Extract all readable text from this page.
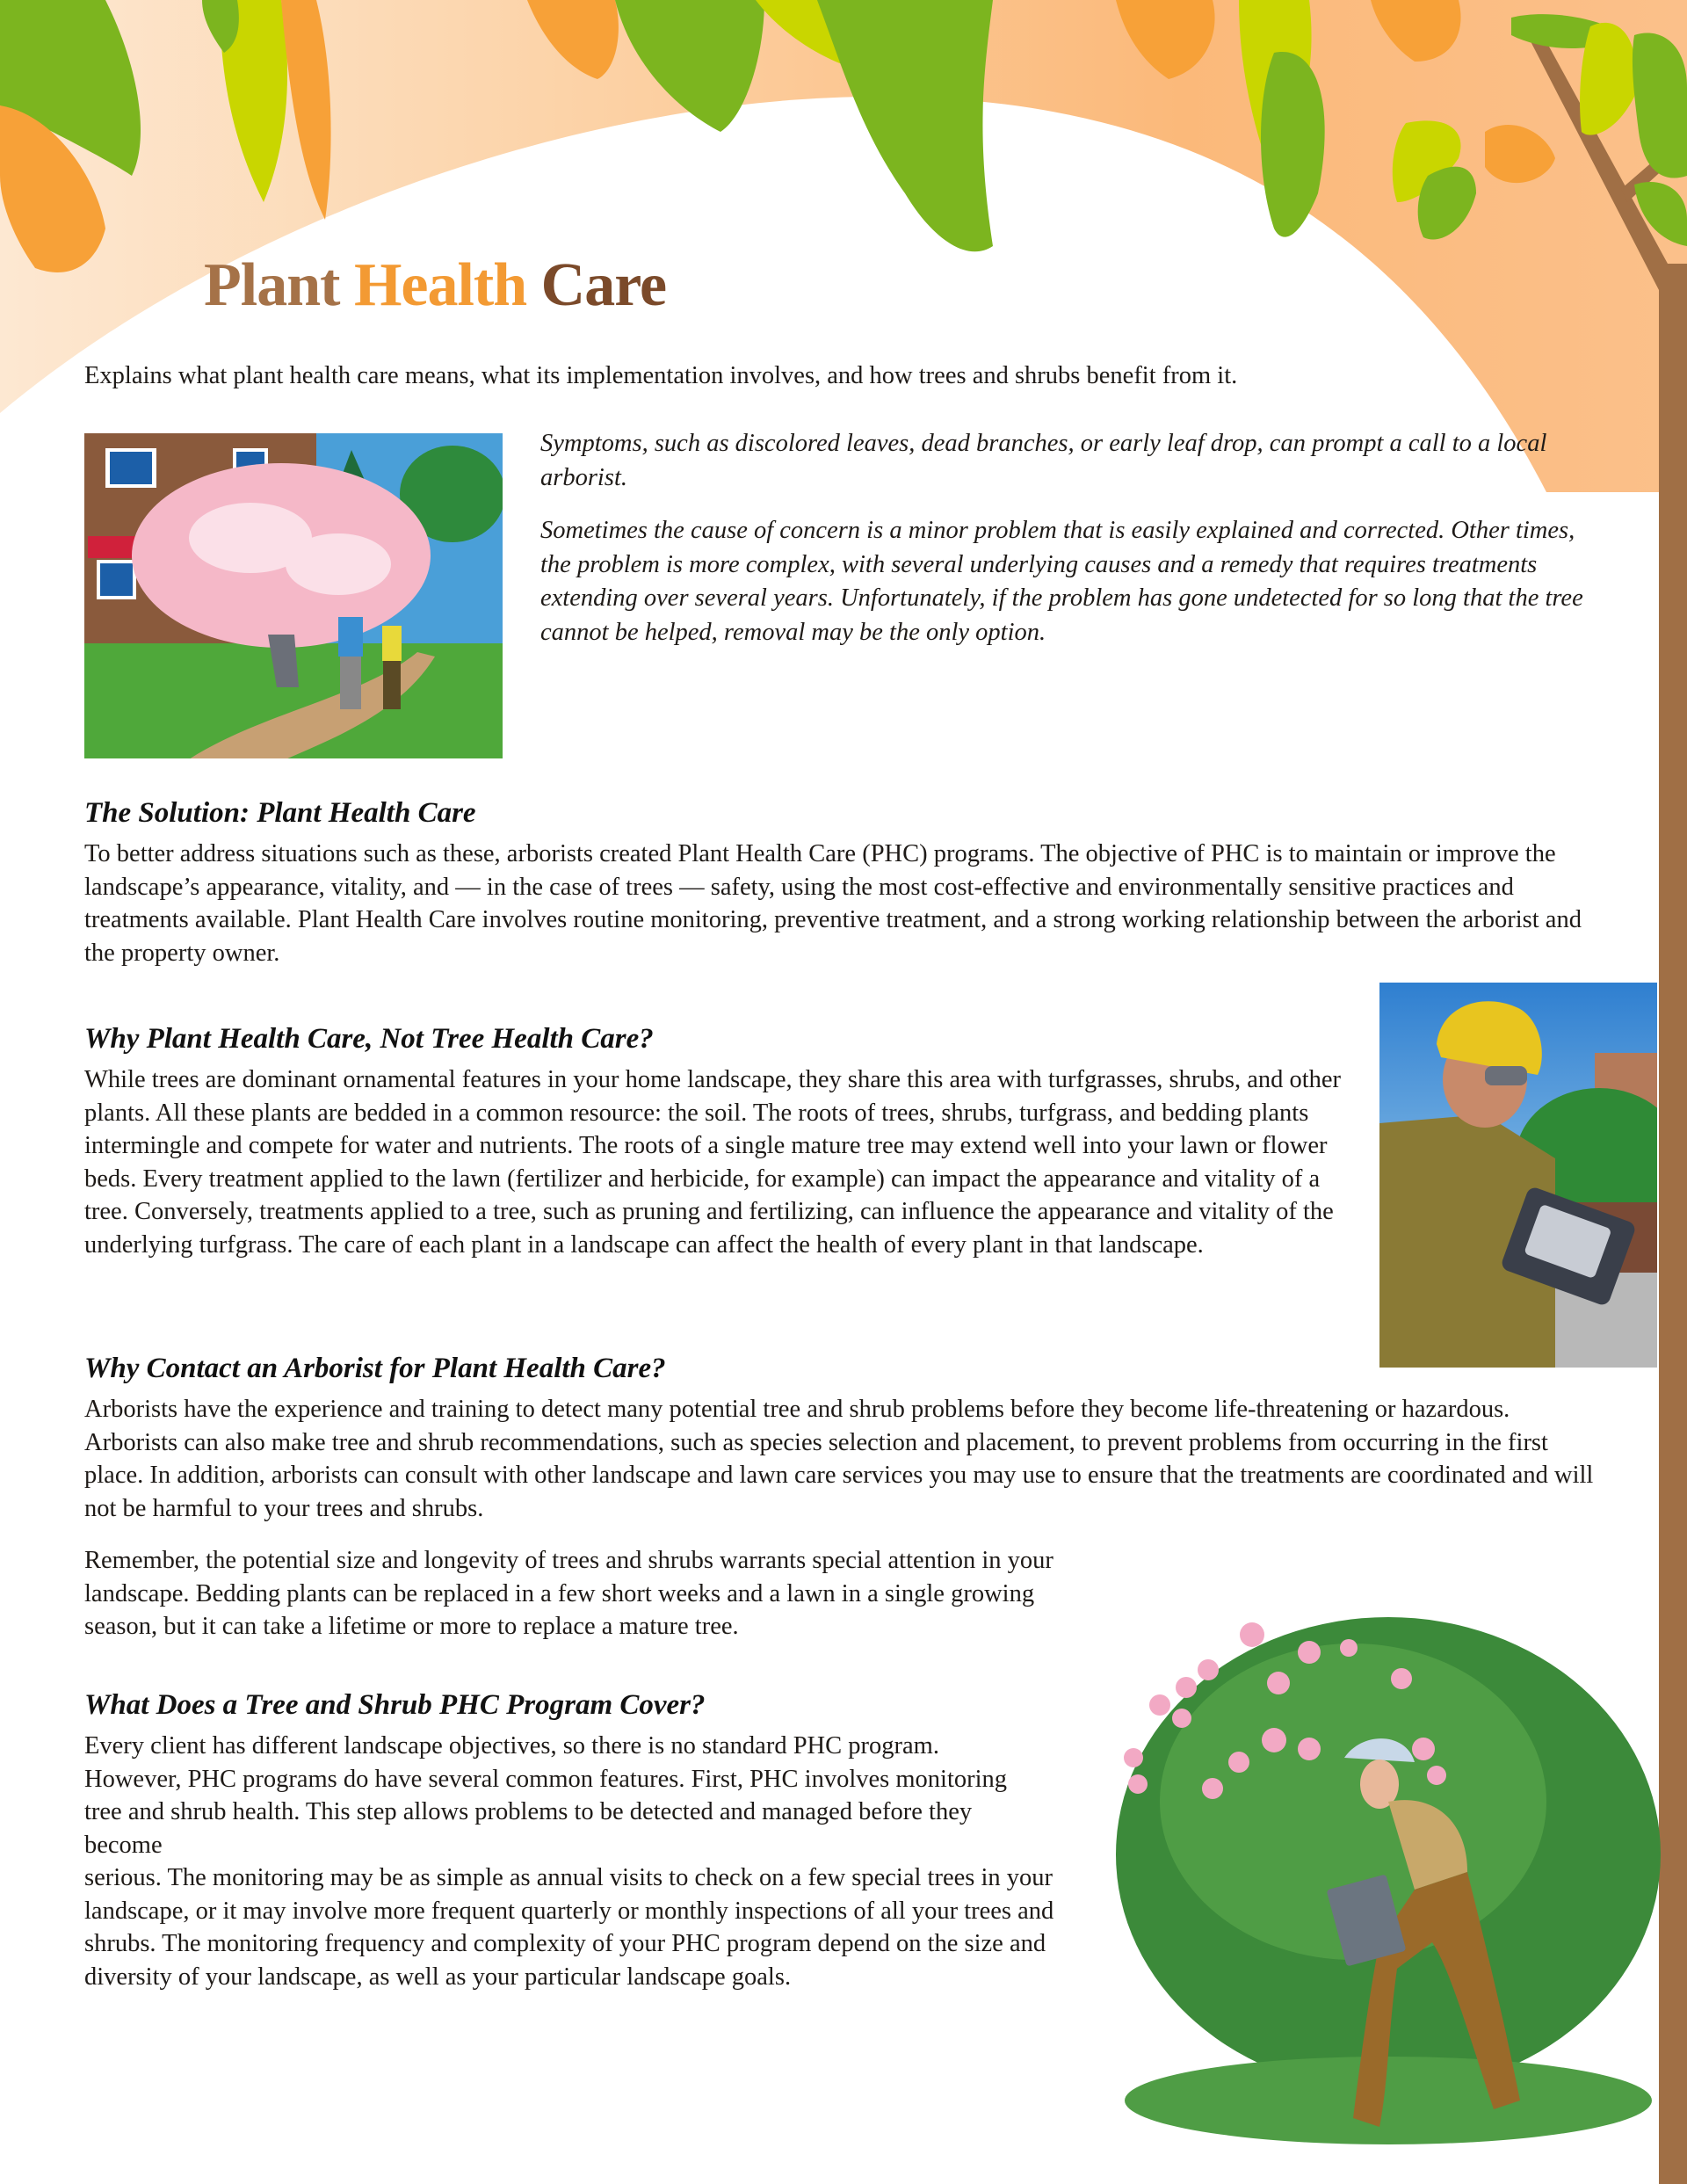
Plant Health Care

Explains what plant health care means, what its implementation involves, and how trees and shrubs benefit from it.

Symptoms, such as discolored leaves, dead branches, or early leaf drop, can prompt a call to a local arborist.

Sometimes the cause of concern is a minor problem that is easily explained and corrected. Other times, the problem is more complex, with several underlying causes and a remedy that requires treatments extending over several years. Unfortunately, if the problem has gone undetected for so long that the tree cannot be helped, removal may be the only option.

The Solution: Plant Health Care

To better address situations such as these, arborists created Plant Health Care (PHC) programs. The objective of PHC is to maintain or improve the landscape’s appearance, vitality, and — in the case of trees — safety, using the most cost-effective and environmentally sensitive practices and treatments available. Plant Health Care involves routine monitoring, preventive treatment, and a strong working relationship between the arborist and the property owner.

Why Plant Health Care, Not Tree Health Care?

While trees are dominant ornamental features in your home landscape, they share this area with turfgrasses, shrubs, and other plants. All these plants are bedded in a common resource: the soil. The roots of trees, shrubs, turfgrass, and bedding plants intermingle and compete for water and nutrients. The roots of a single mature tree may extend well into your lawn or flower beds. Every treatment applied to the lawn (fertilizer and herbicide, for example) can impact the appearance and vitality of a tree. Conversely, treatments applied to a tree, such as pruning and fertilizing, can influence the appearance and vitality of the underlying turfgrass. The care of each plant in a landscape can affect the health of every plant in that landscape.

Why Contact an Arborist for Plant Health Care?

Arborists have the experience and training to detect many potential tree and shrub problems before they become life-threatening or hazardous. Arborists can also make tree and shrub recommendations, such as species selection and placement, to prevent problems from occurring in the first place. In addition, arborists can consult with other landscape and lawn care services you may use to ensure that the treatments are coordinated and will not be harmful to your trees and shrubs.

Remember, the potential size and longevity of trees and shrubs warrants special attention in your landscape. Bedding plants can be replaced in a few short weeks and a lawn in a single growing season, but it can take a lifetime or more to replace a mature tree.

What Does a Tree and Shrub PHC Program Cover?

Every client has different landscape objectives, so there is no standard PHC program. However, PHC programs do have several common features. First, PHC involves monitoring tree and shrub health. This step allows problems to be detected and managed before they become

serious. The monitoring may be as simple as annual visits to check on a few special trees in your landscape, or it may involve more frequent quarterly or monthly inspections of all your trees and shrubs. The monitoring frequency and complexity of your PHC program depend on the size and diversity of your landscape, as well as your particular landscape goals.
